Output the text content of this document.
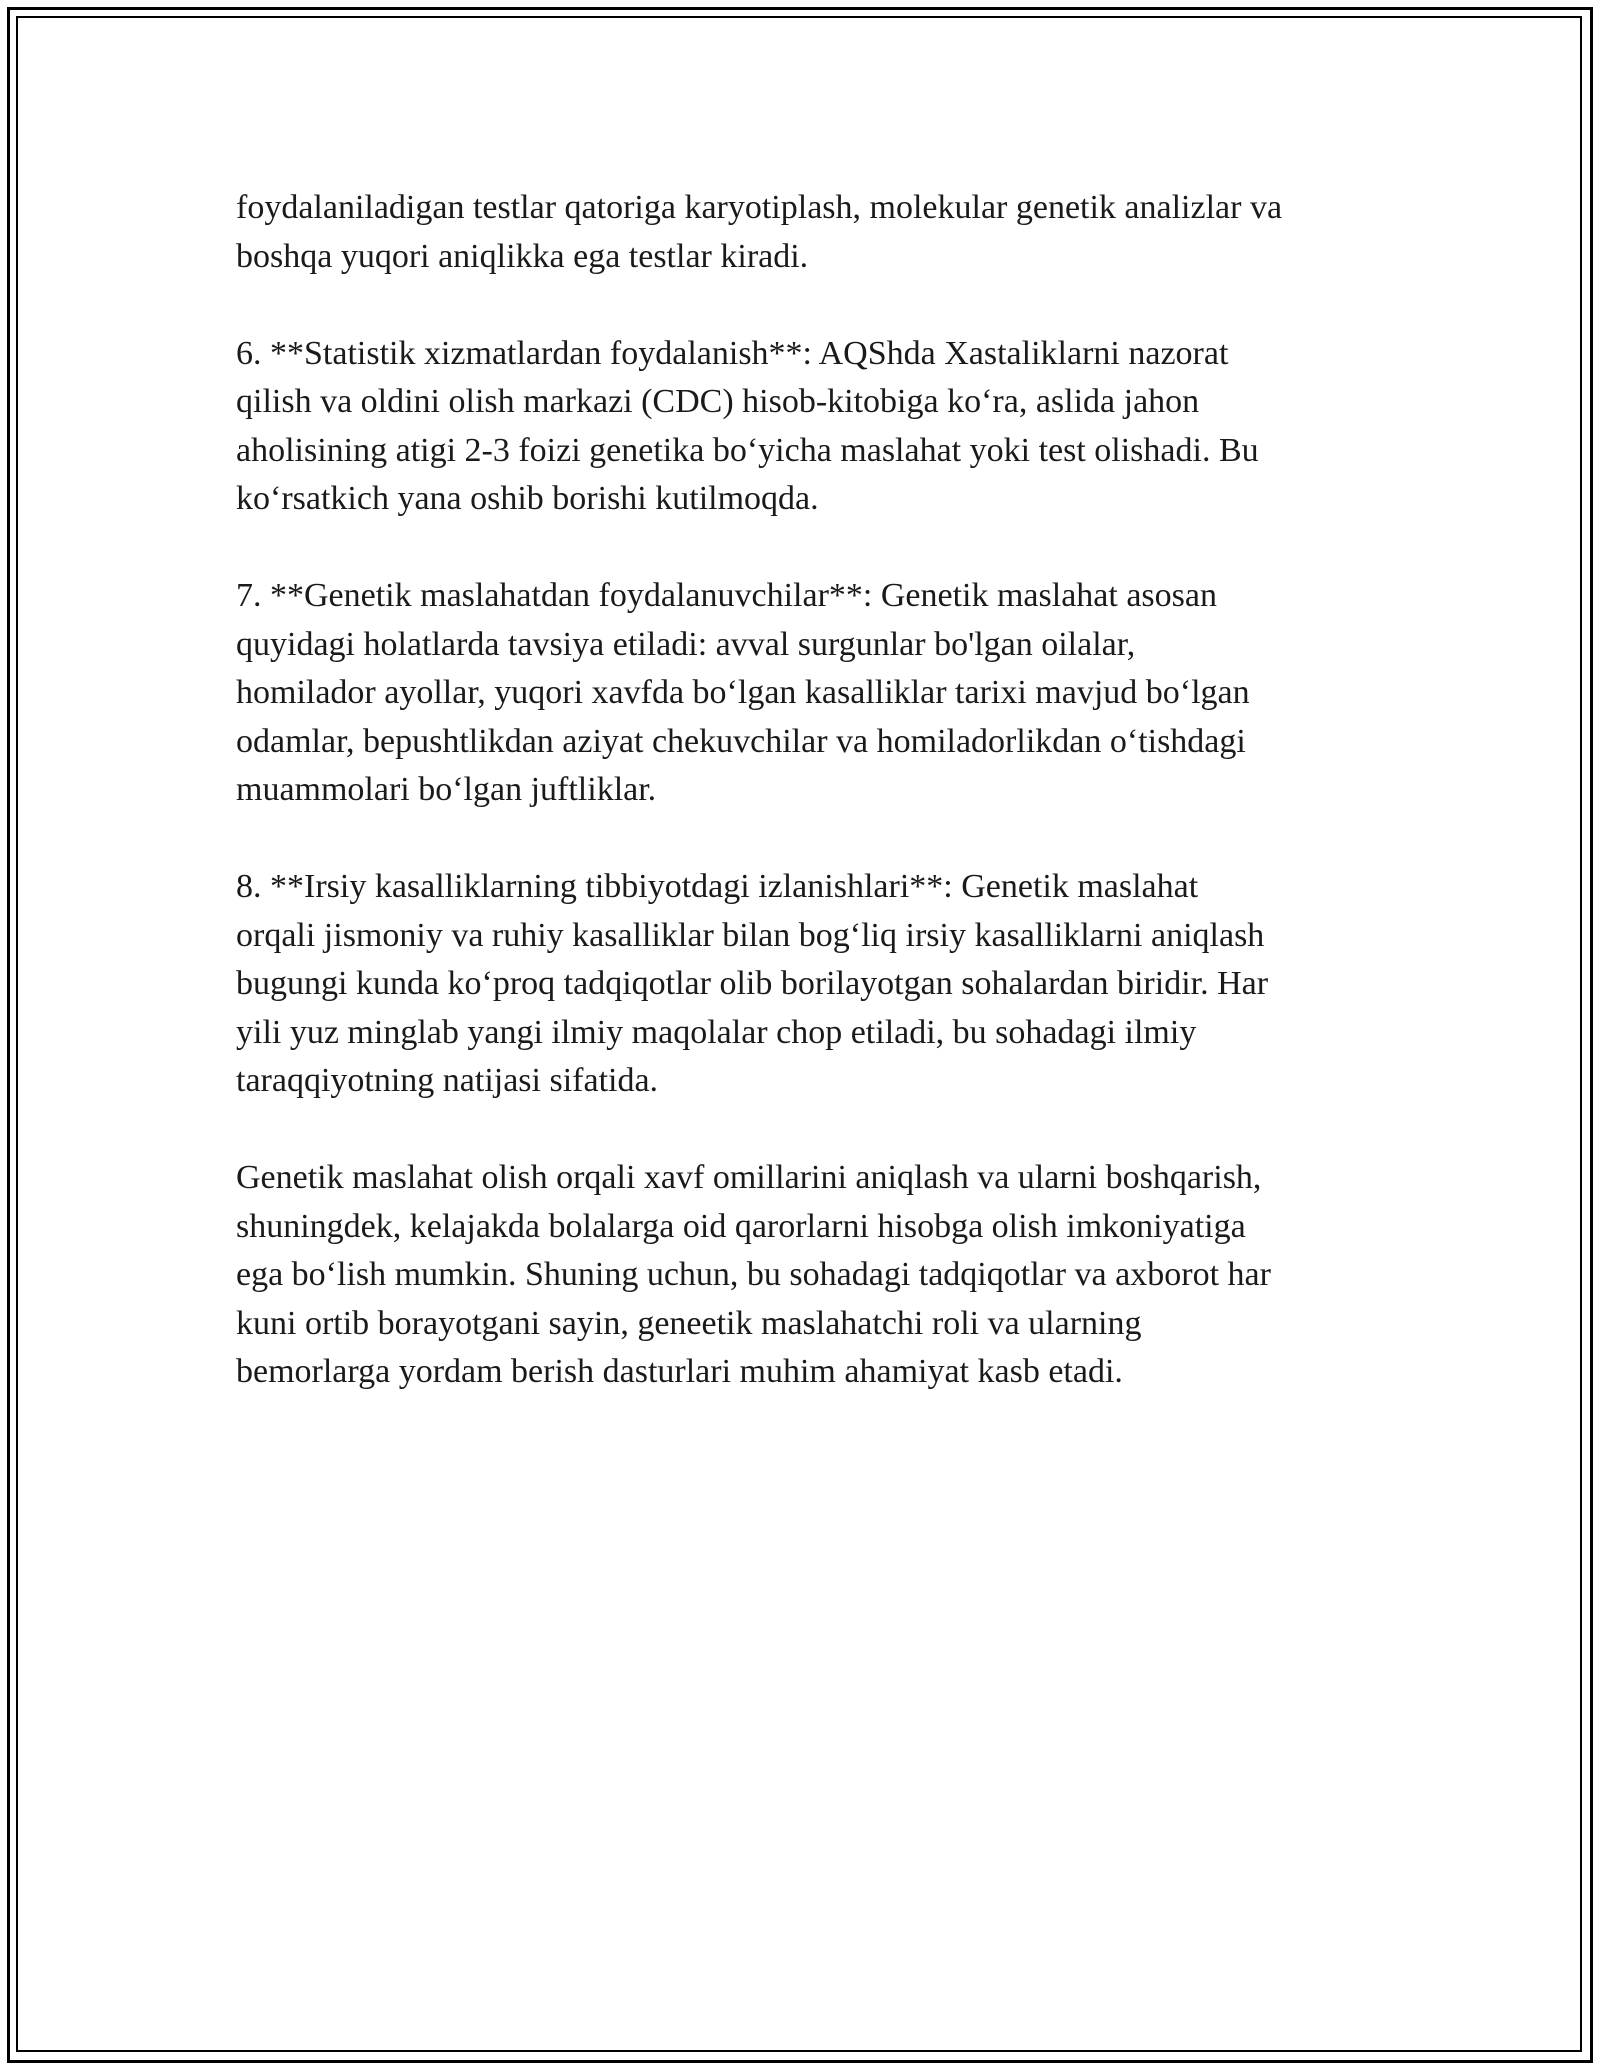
foydalaniladigan testlar qatoriga karyotiplash, molekular genetik analizlar va
boshqa yuqori aniqlikka ega testlar kiradi.

6. **Statistik xizmatlardan foydalanish**: AQShda Xastaliklarni nazorat
qilish va oldini olish markazi (CDC) hisob-kitobiga ko‘ra, aslida jahon
aholisining atigi 2-3 foizi genetika bo‘yicha maslahat yoki test olishadi. Bu
ko‘rsatkich yana oshib borishi kutilmoqda.

7. **Genetik maslahatdan foydalanuvchilar**: Genetik maslahat asosan
quyidagi holatlarda tavsiya etiladi: avval surgunlar bo'lgan oilalar,
homilador ayollar, yuqori xavfda bo‘lgan kasalliklar tarixi mavjud bo‘lgan
odamlar, bepushtlikdan aziyat chekuvchilar va homiladorlikdan o‘tishdagi
muammolari bo‘lgan juftliklar.

8. **Irsiy kasalliklarning tibbiyotdagi izlanishlari**: Genetik maslahat
orqali jismoniy va ruhiy kasalliklar bilan bog‘liq irsiy kasalliklarni aniqlash
bugungi kunda ko‘proq tadqiqotlar olib borilayotgan sohalardan biridir. Har
yili yuz minglab yangi ilmiy maqolalar chop etiladi, bu sohadagi ilmiy
taraqqiyotning natijasi sifatida.

Genetik maslahat olish orqali xavf omillarini aniqlash va ularni boshqarish,
shuningdek, kelajakda bolalarga oid qarorlarni hisobga olish imkoniyatiga
ega bo‘lish mumkin. Shuning uchun, bu sohadagi tadqiqotlar va axborot har
kuni ortib borayotgani sayin, geneetik maslahatchi roli va ularning
bemorlarga yordam berish dasturlari muhim ahamiyat kasb etadi.
